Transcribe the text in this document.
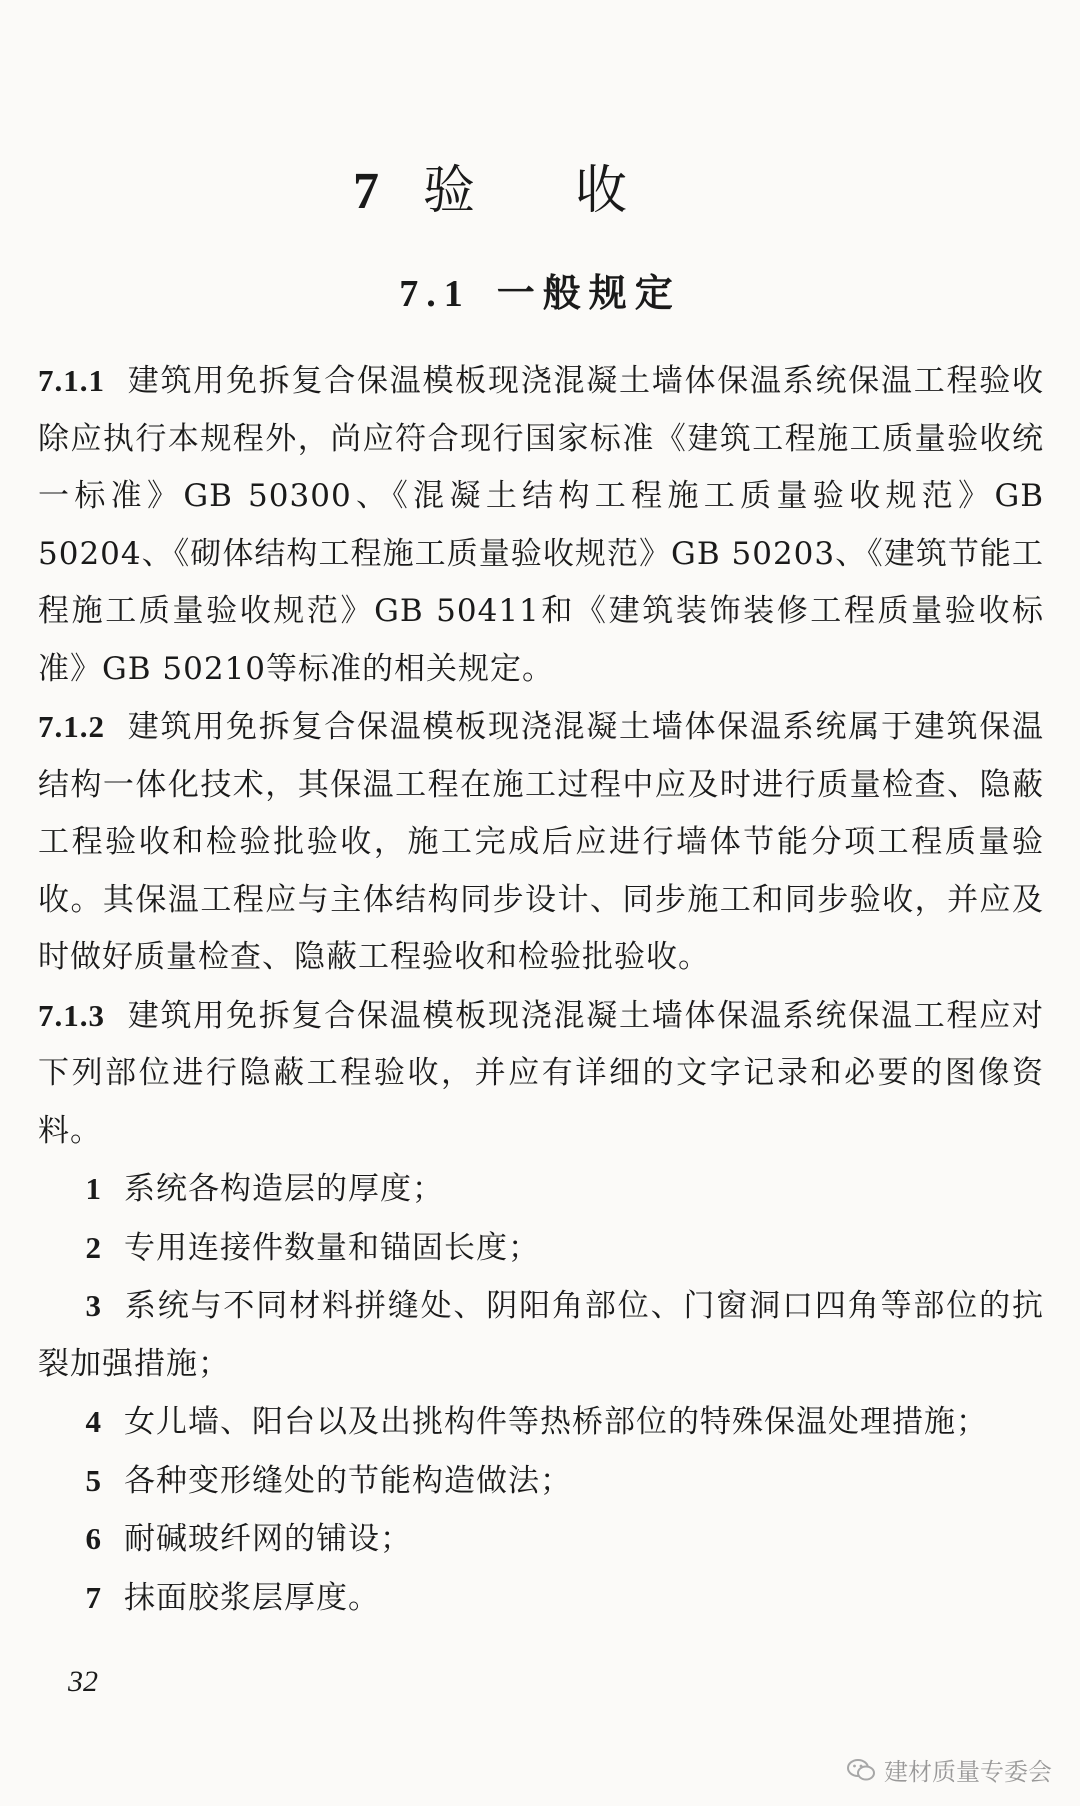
7 验收
7.1 一般规定

7.1.1 建筑用免拆复合保温模板现浇混凝土墙体保温系统保温工程验收除应执行本规程外，尚应符合现行国家标准《建筑工程施工质量验收统一标准》GB 50300、《混凝土结构工程施工质量验收规范》GB 50204、《砌体结构工程施工质量验收规范》GB 50203、《建筑节能工程施工质量验收规范》GB 50411和《建筑装饰装修工程质量验收标准》GB 50210等标准的相关规定。

7.1.2 建筑用免拆复合保温模板现浇混凝土墙体保温系统属于建筑保温结构一体化技术，其保温工程在施工过程中应及时进行质量检查、隐蔽工程验收和检验批验收，施工完成后应进行墙体节能分项工程质量验收。其保温工程应与主体结构同步设计、同步施工和同步验收，并应及时做好质量检查、隐蔽工程验收和检验批验收。

7.1.3 建筑用免拆复合保温模板现浇混凝土墙体保温系统保温工程应对下列部位进行隐蔽工程验收，并应有详细的文字记录和必要的图像资料。

1 系统各构造层的厚度；

2 专用连接件数量和锚固长度；

3 系统与不同材料拼缝处、阴阳角部位、门窗洞口四角等部位的抗裂加强措施；

4 女儿墙、阳台以及出挑构件等热桥部位的特殊保温处理措施；

5 各种变形缝处的节能构造做法；

6 耐碱玻纤网的铺设；

7 抹面胶浆层厚度。

32
建材质量专委会
